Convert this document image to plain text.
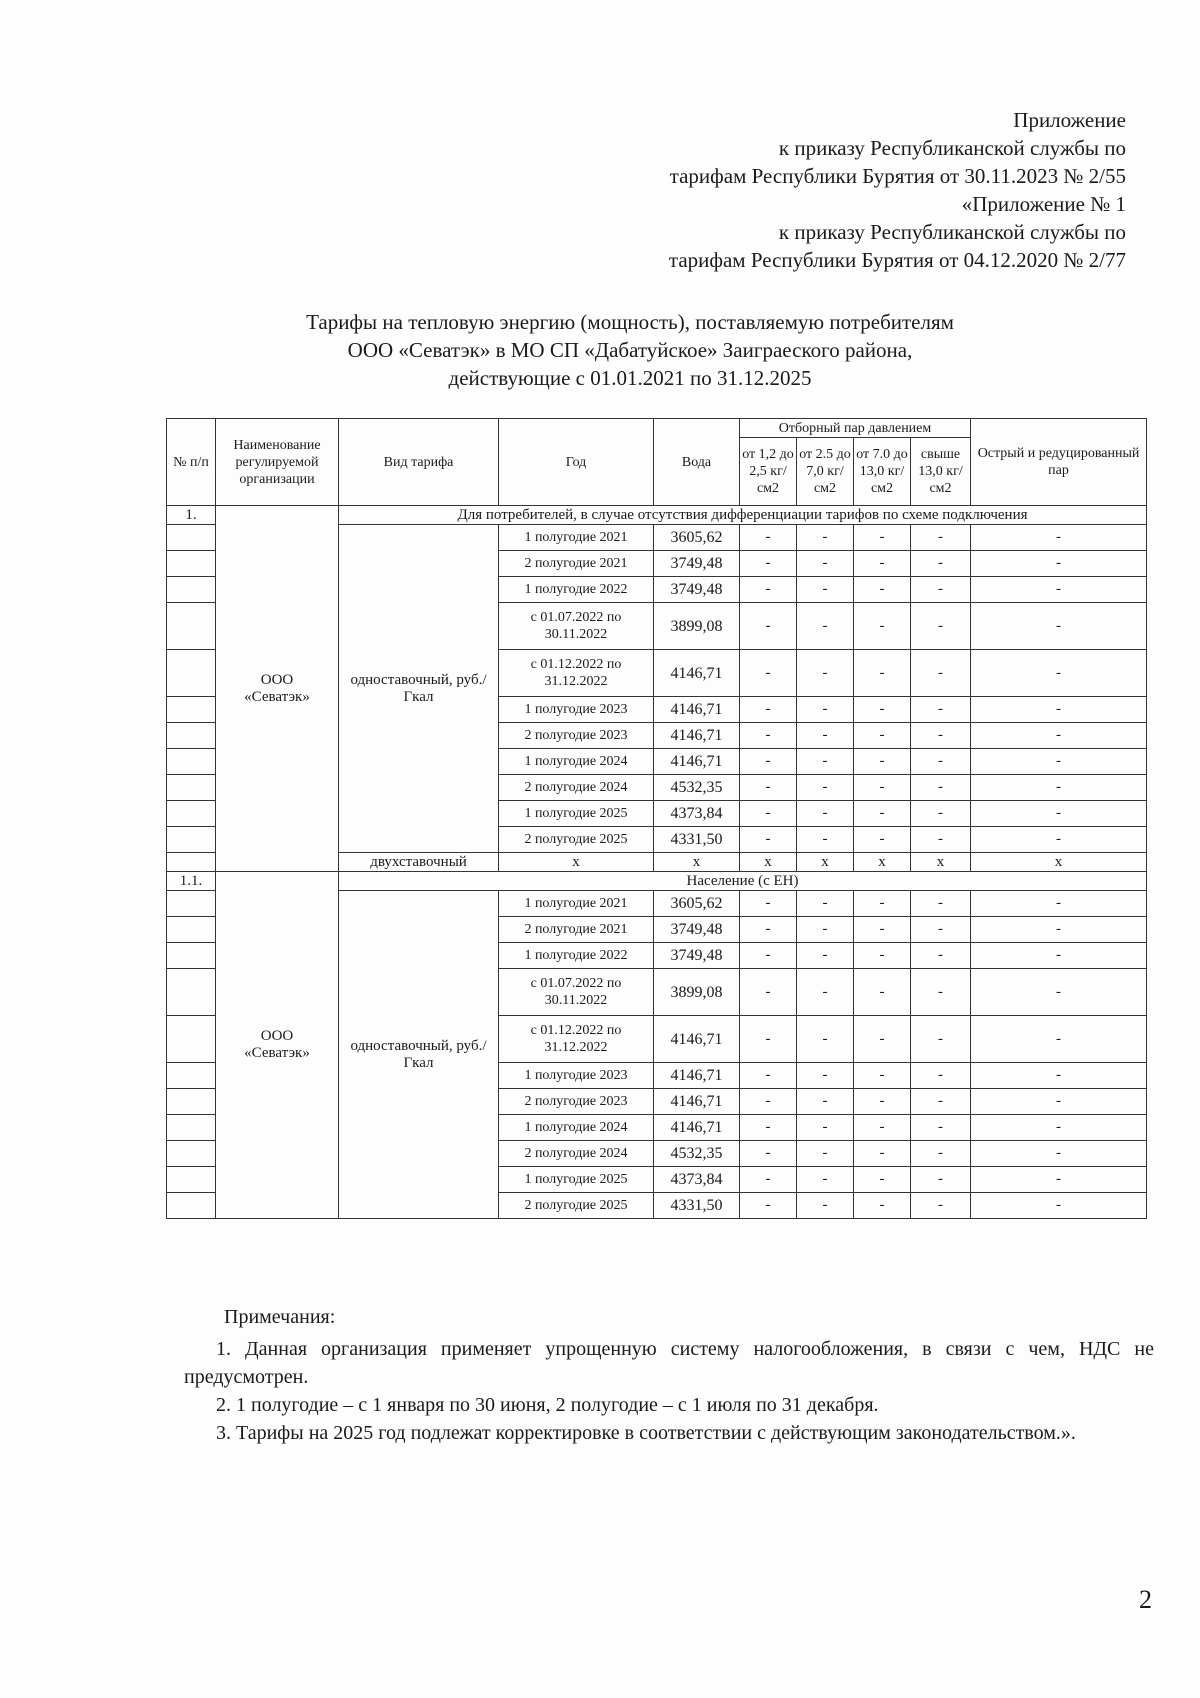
Приложение
к приказу Республиканской службы по
тарифам Республики Бурятия от 30.11.2023 № 2/55
«Приложение № 1
к приказу Республиканской службы по
тарифам Республики Бурятия от 04.12.2020 № 2/77
Тарифы на тепловую энергию (мощность), поставляемую потребителям
ООО «Севатэк» в МО СП «Дабатуйское» Заиграеского района,
действующие с 01.01.2021 по 31.12.2025
№ п/п	Наименование регулируемой организации	Вид тарифа	Год	Вода	Отборный пар давлением				Острый и редуцированный пар
					от 1,2 до 2,5 кг/см2	от 2.5 до 7,0 кг/см2	от 7.0 до 13,0 кг/см2	свыше 13,0 кг/см2	
1.	ООО «Севатэк»	Для потребителей, в случае отсутствия дифференциации тарифов по схеме подключения							
		одноставочный, руб./Гкал	1 полугодие 2021	3605,62	-	-	-	-	-
			2 полугодие 2021	3749,48	-	-	-	-	-
			1 полугодие 2022	3749,48	-	-	-	-	-
			с 01.07.2022 по 30.11.2022	3899,08	-	-	-	-	-
			с 01.12.2022 по 31.12.2022	4146,71	-	-	-	-	-
			1 полугодие 2023	4146,71	-	-	-	-	-
			2 полугодие 2023	4146,71	-	-	-	-	-
			1 полугодие 2024	4146,71	-	-	-	-	-
			2 полугодие 2024	4532,35	-	-	-	-	-
			1 полугодие 2025	4373,84	-	-	-	-	-
			2 полугодие 2025	4331,50	-	-	-	-	-
		двухставочный	х	х	х	х	х	х	х
1.1.	ООО «Севатэк»	Население (с ЕН)							
		одноставочный, руб./Гкал	1 полугодие 2021	3605,62	-	-	-	-	-
			2 полугодие 2021	3749,48	-	-	-	-	-
			1 полугодие 2022	3749,48	-	-	-	-	-
			с 01.07.2022 по 30.11.2022	3899,08	-	-	-	-	-
			с 01.12.2022 по 31.12.2022	4146,71	-	-	-	-	-
			1 полугодие 2023	4146,71	-	-	-	-	-
			2 полугодие 2023	4146,71	-	-	-	-	-
			1 полугодие 2024	4146,71	-	-	-	-	-
			2 полугодие 2024	4532,35	-	-	-	-	-
			1 полугодие 2025	4373,84	-	-	-	-	-
			2 полугодие 2025	4331,50	-	-	-	-	-
Примечания:
1. Данная организация применяет упрощенную систему налогообложения, в связи с чем, НДС не предусмотрен.
2. 1 полугодие – с 1 января по 30 июня, 2 полугодие – с 1 июля по 31 декабря.
3. Тарифы на 2025 год подлежат корректировке в соответствии с действующим законодательством.».
2
